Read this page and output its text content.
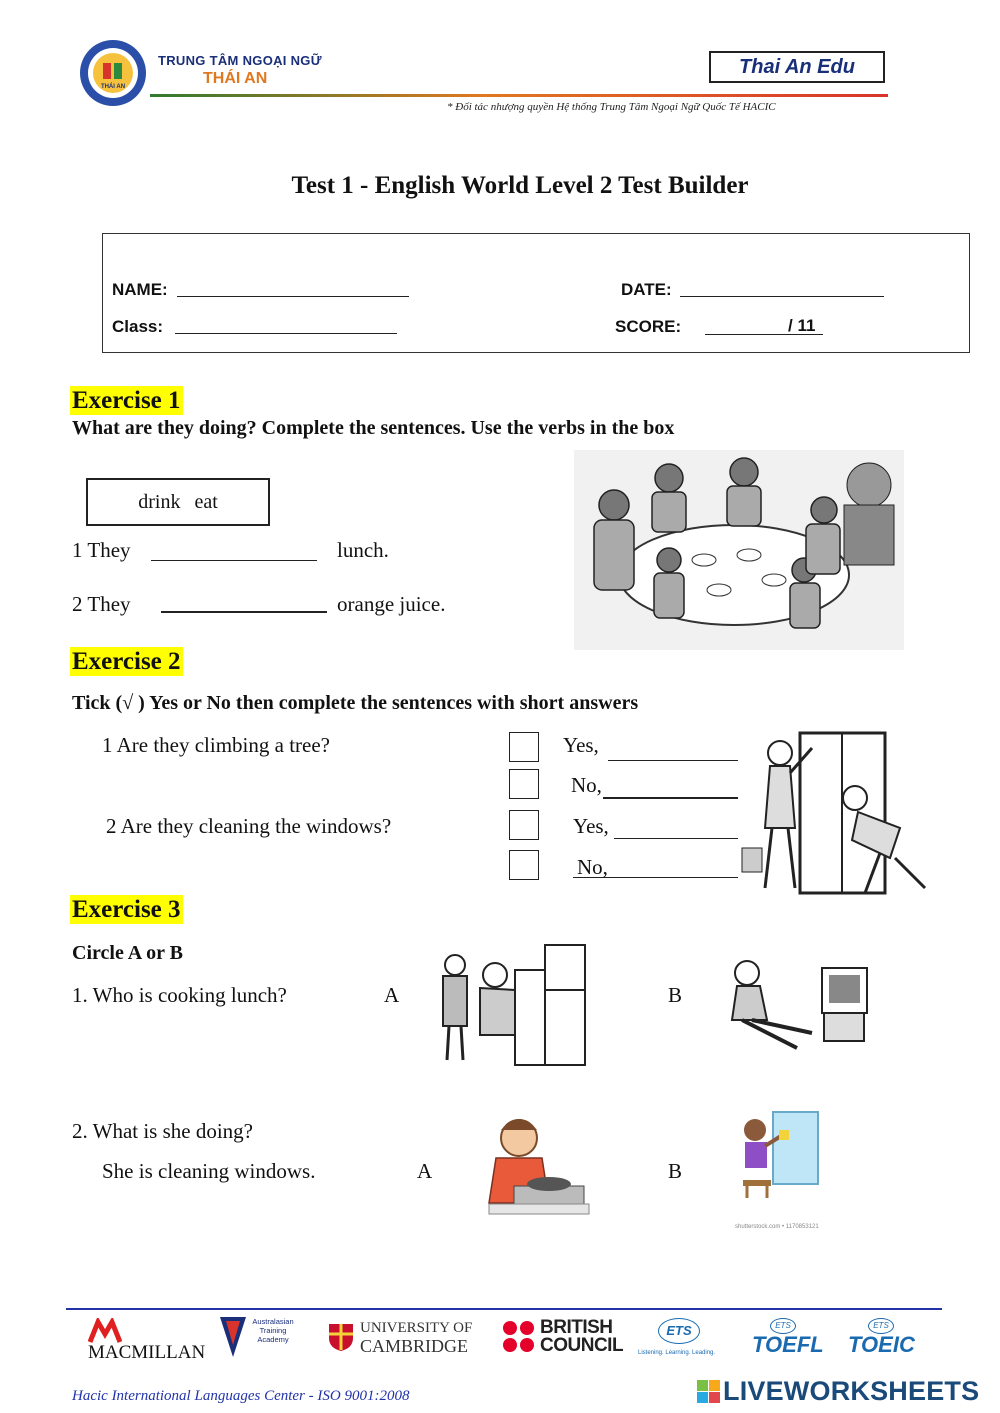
THÁI AN
TRUNG TÂM NGOẠI NGỮ
THÁI AN
Thai An Edu
* Đối tác nhượng quyền Hệ thống Trung Tâm Ngoại Ngữ Quốc Tế HACIC
Test 1 - English World Level 2 Test Builder
NAME:	DATE:
Class:	SCORE:	/ 11
Exercise 1
What are they doing? Complete the sentences. Use the verbs in the box
drink eat
1 They	lunch.
2 They	orange juice.
Exercise 2
Tick (√ ) Yes or No then complete the sentences with short answers
1 Are they climbing a tree?	Yes,
No,
2 Are they cleaning the windows?	Yes,
No,
Exercise 3
Circle A or B
1. Who is cooking lunch?	A	B
2. What is she doing?
She is cleaning windows.	A	B
shutterstock.com • 1170853121
MACMILLAN
Australasian Training Academy
UNIVERSITY OF
CAMBRIDGE
BRITISH
COUNCIL
ETS
Listening. Learning. Leading.
ETS
TOEFL
ETS
TOEIC
Hacic International Languages Center - ISO 9001:2008	LIVEWORKSHEETS
